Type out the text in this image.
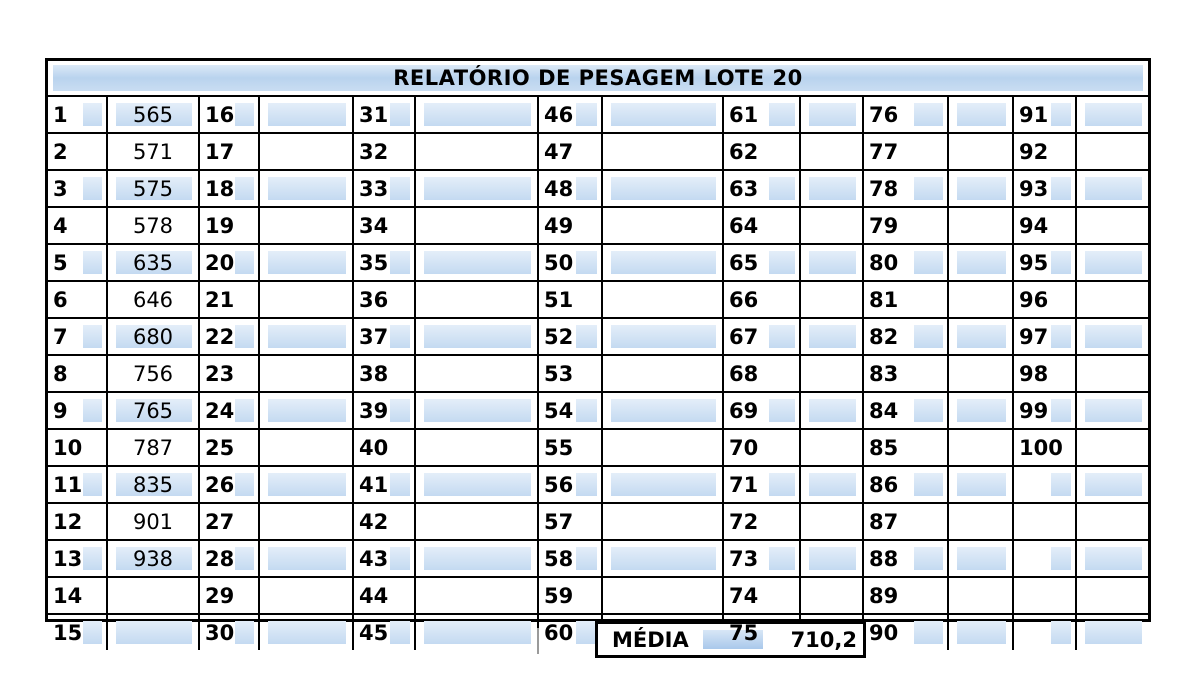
RELATÓRIO DE PESAGEM LOTE 20
1	565	16		31		46		61		76		91	

2	571	17		32		47		62		77		92	

3	575	18		33		48		63		78		93	

4	578	19		34		49		64		79		94	

5	635	20		35		50		65		80		95	

6	646	21		36		51		66		81		96	

7	680	22		37		52		67		82		97	

8	756	23		38		53		68		83		98	

9	765	24		39		54		69		84		99	

10	787	25		40		55		70		85		100	

11	835	26		41		56		71		86	

12	901	27		42		57		72		87			

13	938	28		43		58		73		88	

14		29		44		59		74		89			

15		30		45		60		75		90	

MÉDIA	710,2
